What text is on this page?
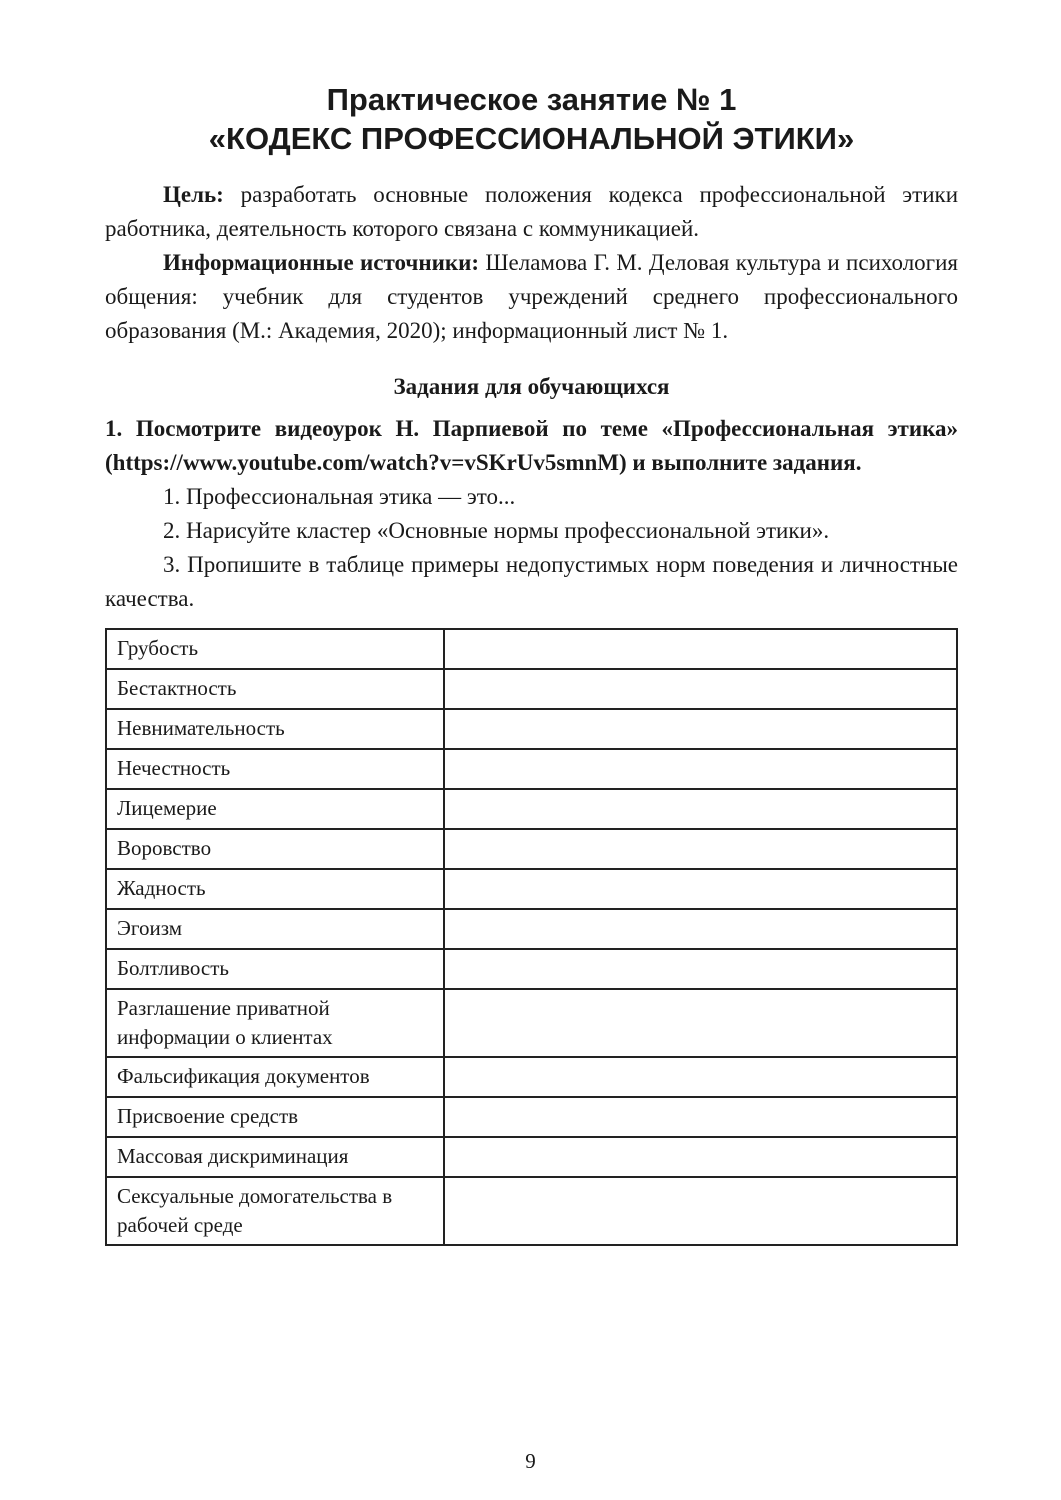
Практическое занятие № 1
«КОДЕКС ПРОФЕССИОНАЛЬНОЙ ЭТИКИ»

Цель: разработать основные положения кодекса профессиональной этики работника, деятельность которого связана с коммуникацией.

Информационные источники: Шеламова Г. М. Деловая культура и психология общения: учебник для студентов учреждений среднего профессионального образования (М.: Академия, 2020); информационный лист № 1.

Задания для обучающихся

1. Посмотрите видеоурок Н. Парпиевой по теме «Профессиональная этика» (https://www.youtube.com/watch?v=vSKrUv5smnM) и выполните задания.

1. Профессиональная этика — это...

2. Нарисуйте кластер «Основные нормы профессиональной этики».

3. Пропишите в таблице примеры недопустимых норм поведения и личностные качества.

Грубость	
Бестактность	
Невнимательность	
Нечестность	
Лицемерие	
Воровство	
Жадность	
Эгоизм	
Болтливость	
Разглашение приватной информации о клиентах	
Фальсификация документов	
Присвоение средств	
Массовая дискриминация	
Сексуальные домогательства в рабочей среде	
9
